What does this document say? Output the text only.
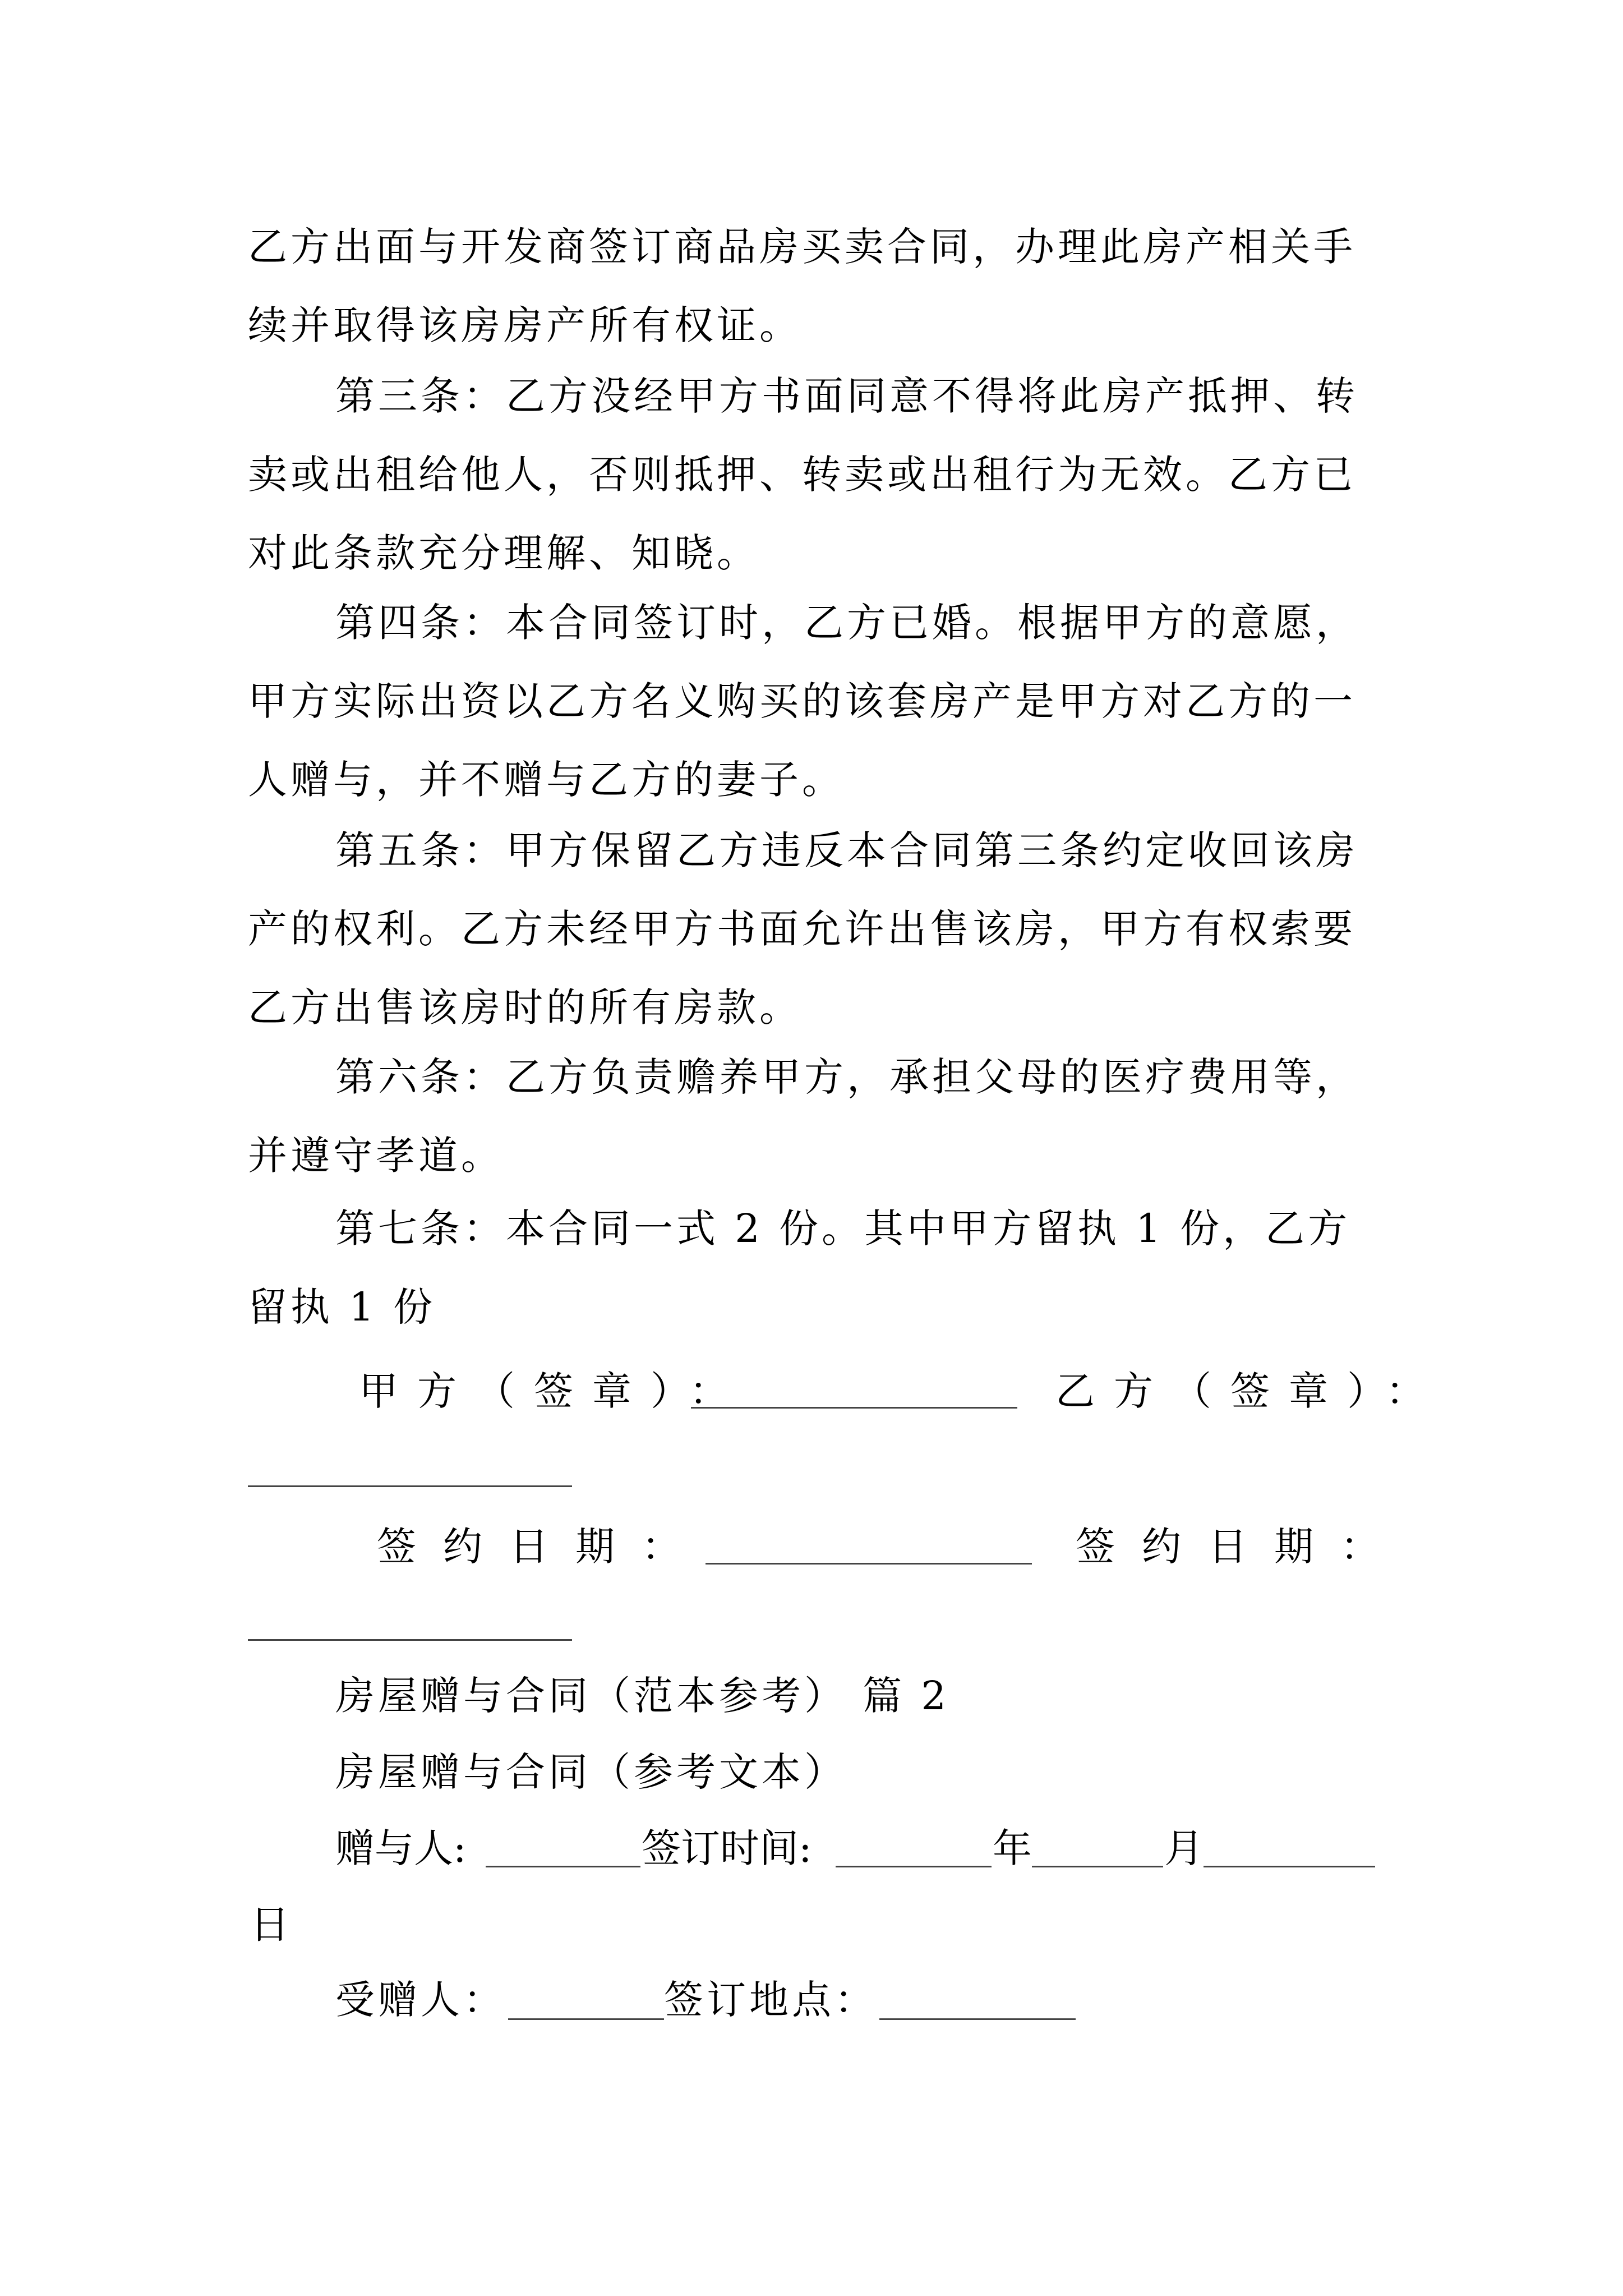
乙方出面与开发商签订商品房买卖合同，办理此房产相关手续并取得该房房产所有权证。
第三条：乙方没经甲方书面同意不得将此房产抵押、转卖或出租给他人，否则抵押、转卖或出租行为无效。乙方已对此条款充分理解、知晓。
第四条：本合同签订时，乙方已婚。根据甲方的意愿，甲方实际出资以乙方名义购买的该套房产是甲方对乙方的一人赠与，并不赠与乙方的妻子。
第五条：甲方保留乙方违反本合同第三条约定收回该房产的权利。乙方未经甲方书面允许出售该房，甲方有权索要乙方出售该房时的所有房款。
第六条：乙方负责赡养甲方，承担父母的医疗费用等，并遵守孝道。
第七条：本合同一式 2 份。其中甲方留执 1 份，乙方留执 1 份
甲方（签章）：	乙方（签章）：
签约日期：	签约日期：
房屋赠与合同（范本参考） 篇 2
房屋赠与合同（参考文本）
赠与人:	签订时间:	年	月
日
受赠人：	签订地点：
